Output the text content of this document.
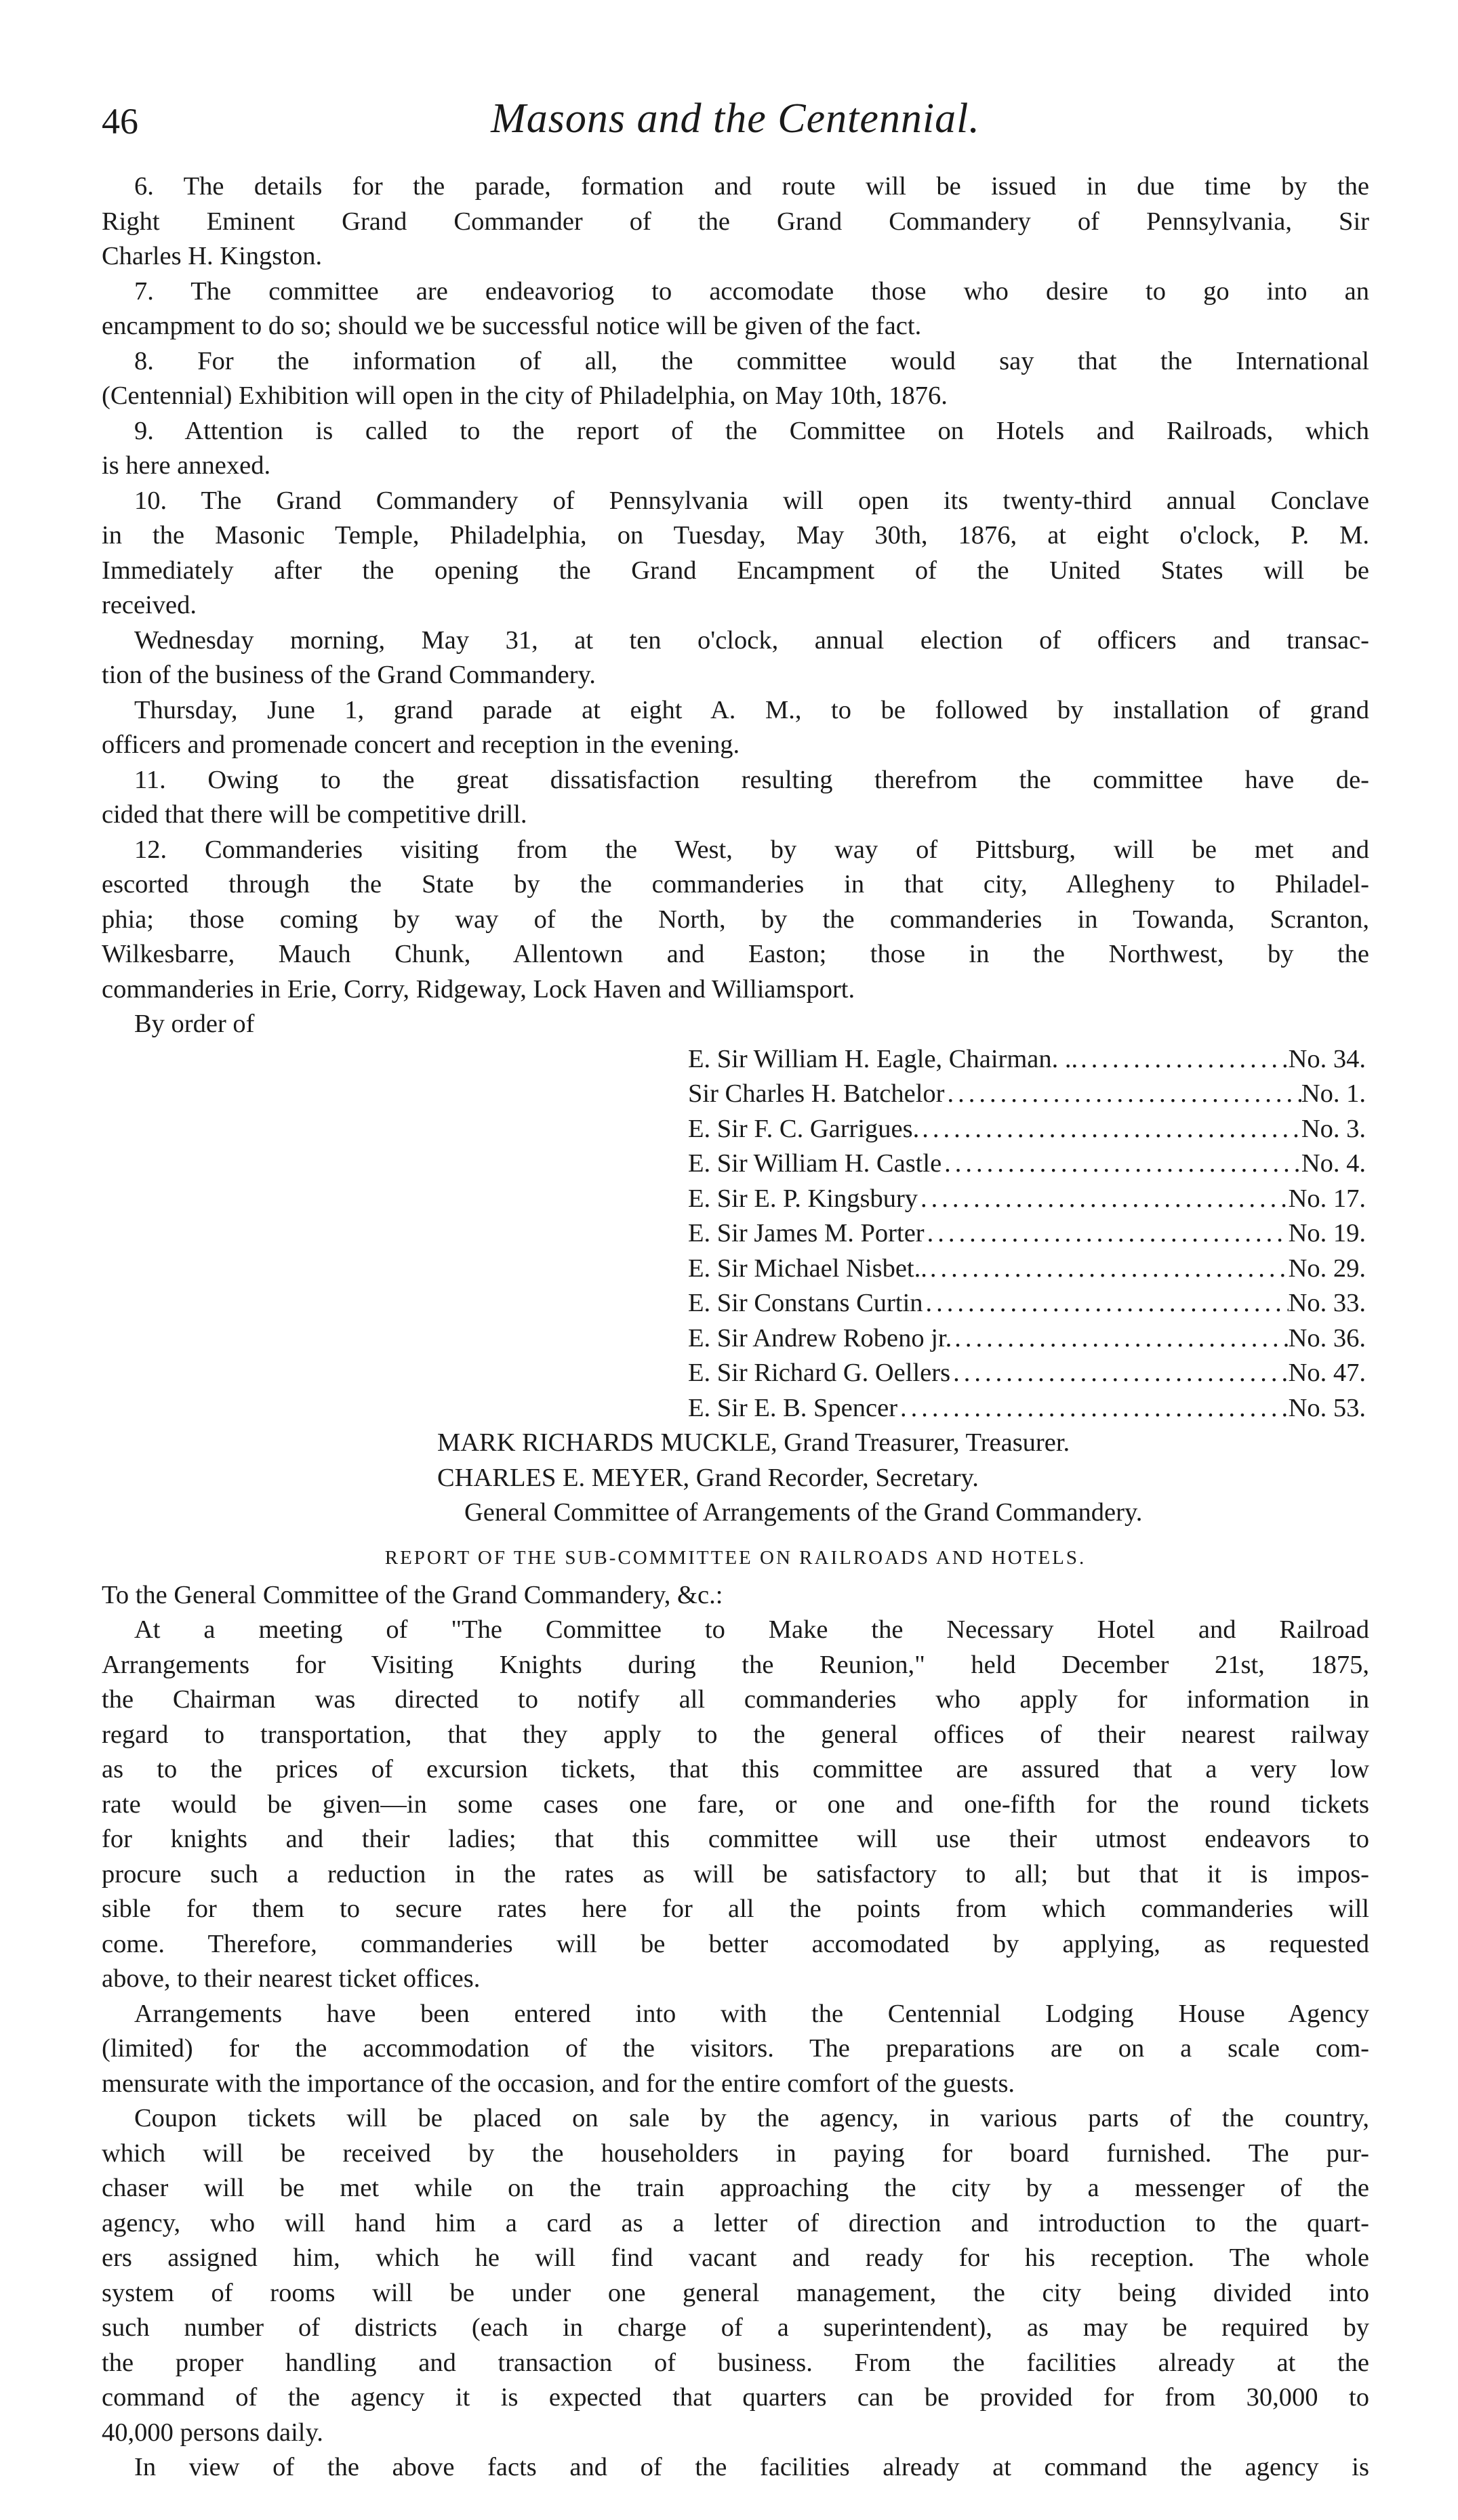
46	Masons and the Centennial.
6. The details for the parade, formation and route will be issued in due time by the
Right Eminent Grand Commander of the Grand Commandery of Pennsylvania, Sir
Charles H. Kingston.
7. The committee are endeavoriog to accomodate those who desire to go into an
encampment to do so; should we be successful notice will be given of the fact.
8. For the information of all, the committee would say that the International
(Centennial) Exhibition will open in the city of Philadelphia, on May 10th, 1876.
9. Attention is called to the report of the Committee on Hotels and Railroads, which
is here annexed.
10. The Grand Commandery of Pennsylvania will open its twenty-third annual Conclave
in the Masonic Temple, Philadelphia, on Tuesday, May 30th, 1876, at eight o'clock, P. M.
Immediately after the opening the Grand Encampment of the United States will be
received.
Wednesday morning, May 31, at ten o'clock, annual election of officers and transac-
tion of the business of the Grand Commandery.
Thursday, June 1, grand parade at eight A. M., to be followed by installation of grand
officers and promenade concert and reception in the evening.
11. Owing to the great dissatisfaction resulting therefrom the committee have de-
cided that there will be competitive drill.
12. Commanderies visiting from the West, by way of Pittsburg, will be met and
escorted through the State by the commanderies in that city, Allegheny to Philadel-
phia; those coming by way of the North, by the commanderies in Towanda, Scranton,
Wilkesbarre, Mauch Chunk, Allentown and Easton; those in the Northwest, by the
commanderies in Erie, Corry, Ridgeway, Lock Haven and Williamsport.
By order of
E. Sir William H. Eagle, Chairman. .. .....	No. 34.
Sir Charles H. Batchelor .....	No. 1.
E. Sir F. C. Garrigues. .....	No. 3.
E. Sir William H. Castle .....	No. 4.
E. Sir E. P. Kingsbury .....	No. 17.
E. Sir James M. Porter .....	No. 19.
E. Sir Michael Nisbet.. .....	No. 29.
E. Sir Constans Curtin .....	No. 33.
E. Sir Andrew Robeno jr. .....	No. 36.
E. Sir Richard G. Oellers .....	No. 47.
E. Sir E. B. Spencer .....	No. 53.
MARK RICHARDS MUCKLE, Grand Treasurer, Treasurer.
CHARLES E. MEYER, Grand Recorder, Secretary.
General Committee of Arrangements of the Grand Commandery.
REPORT OF THE SUB-COMMITTEE ON RAILROADS AND HOTELS.
To the General Committee of the Grand Commandery, &c.:
At a meeting of "The Committee to Make the Necessary Hotel and Railroad
Arrangements for Visiting Knights during the Reunion," held December 21st, 1875,
the Chairman was directed to notify all commanderies who apply for information in
regard to transportation, that they apply to the general offices of their nearest railway
as to the prices of excursion tickets, that this committee are assured that a very low
rate would be given—in some cases one fare, or one and one-fifth for the round tickets
for knights and their ladies; that this committee will use their utmost endeavors to
procure such a reduction in the rates as will be satisfactory to all; but that it is impos-
sible for them to secure rates here for all the points from which commanderies will
come. Therefore, commanderies will be better accomodated by applying, as requested
above, to their nearest ticket offices.
Arrangements have been entered into with the Centennial Lodging House Agency
(limited) for the accommodation of the visitors. The preparations are on a scale com-
mensurate with the importance of the occasion, and for the entire comfort of the guests.
Coupon tickets will be placed on sale by the agency, in various parts of the country,
which will be received by the householders in paying for board furnished. The pur-
chaser will be met while on the train approaching the city by a messenger of the
agency, who will hand him a card as a letter of direction and introduction to the quart-
ers assigned him, which he will find vacant and ready for his reception. The whole
system of rooms will be under one general management, the city being divided into
such number of districts (each in charge of a superintendent), as may be required by
the proper handling and transaction of business. From the facilities already at the
command of the agency it is expected that quarters can be provided for from 30,000 to
40,000 persons daily.
In view of the above facts and of the facilities already at command the agency is
